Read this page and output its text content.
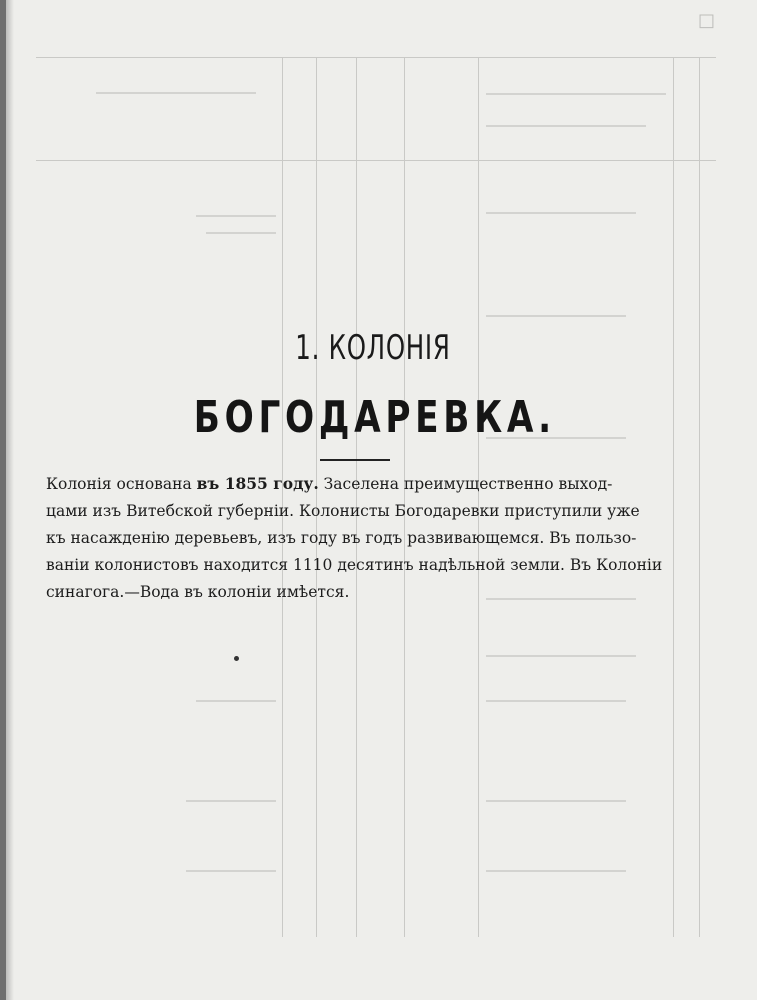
□
1. КОЛОНІЯ
БОГОДАРЕВКА.
Колонія основана въ 1855 году. Заселена преимущественно выход-
цами изъ Витебской губерніи. Колонисты Богодаревки приступили уже
къ насажденію деревьевъ, изъ году въ годъ развивающемся. Въ пользо-
ваніи колонистовъ находится 1110 десятинъ надѣльной земли. Въ Колоніи
синагога.—Вода въ колоніи имѣется.
